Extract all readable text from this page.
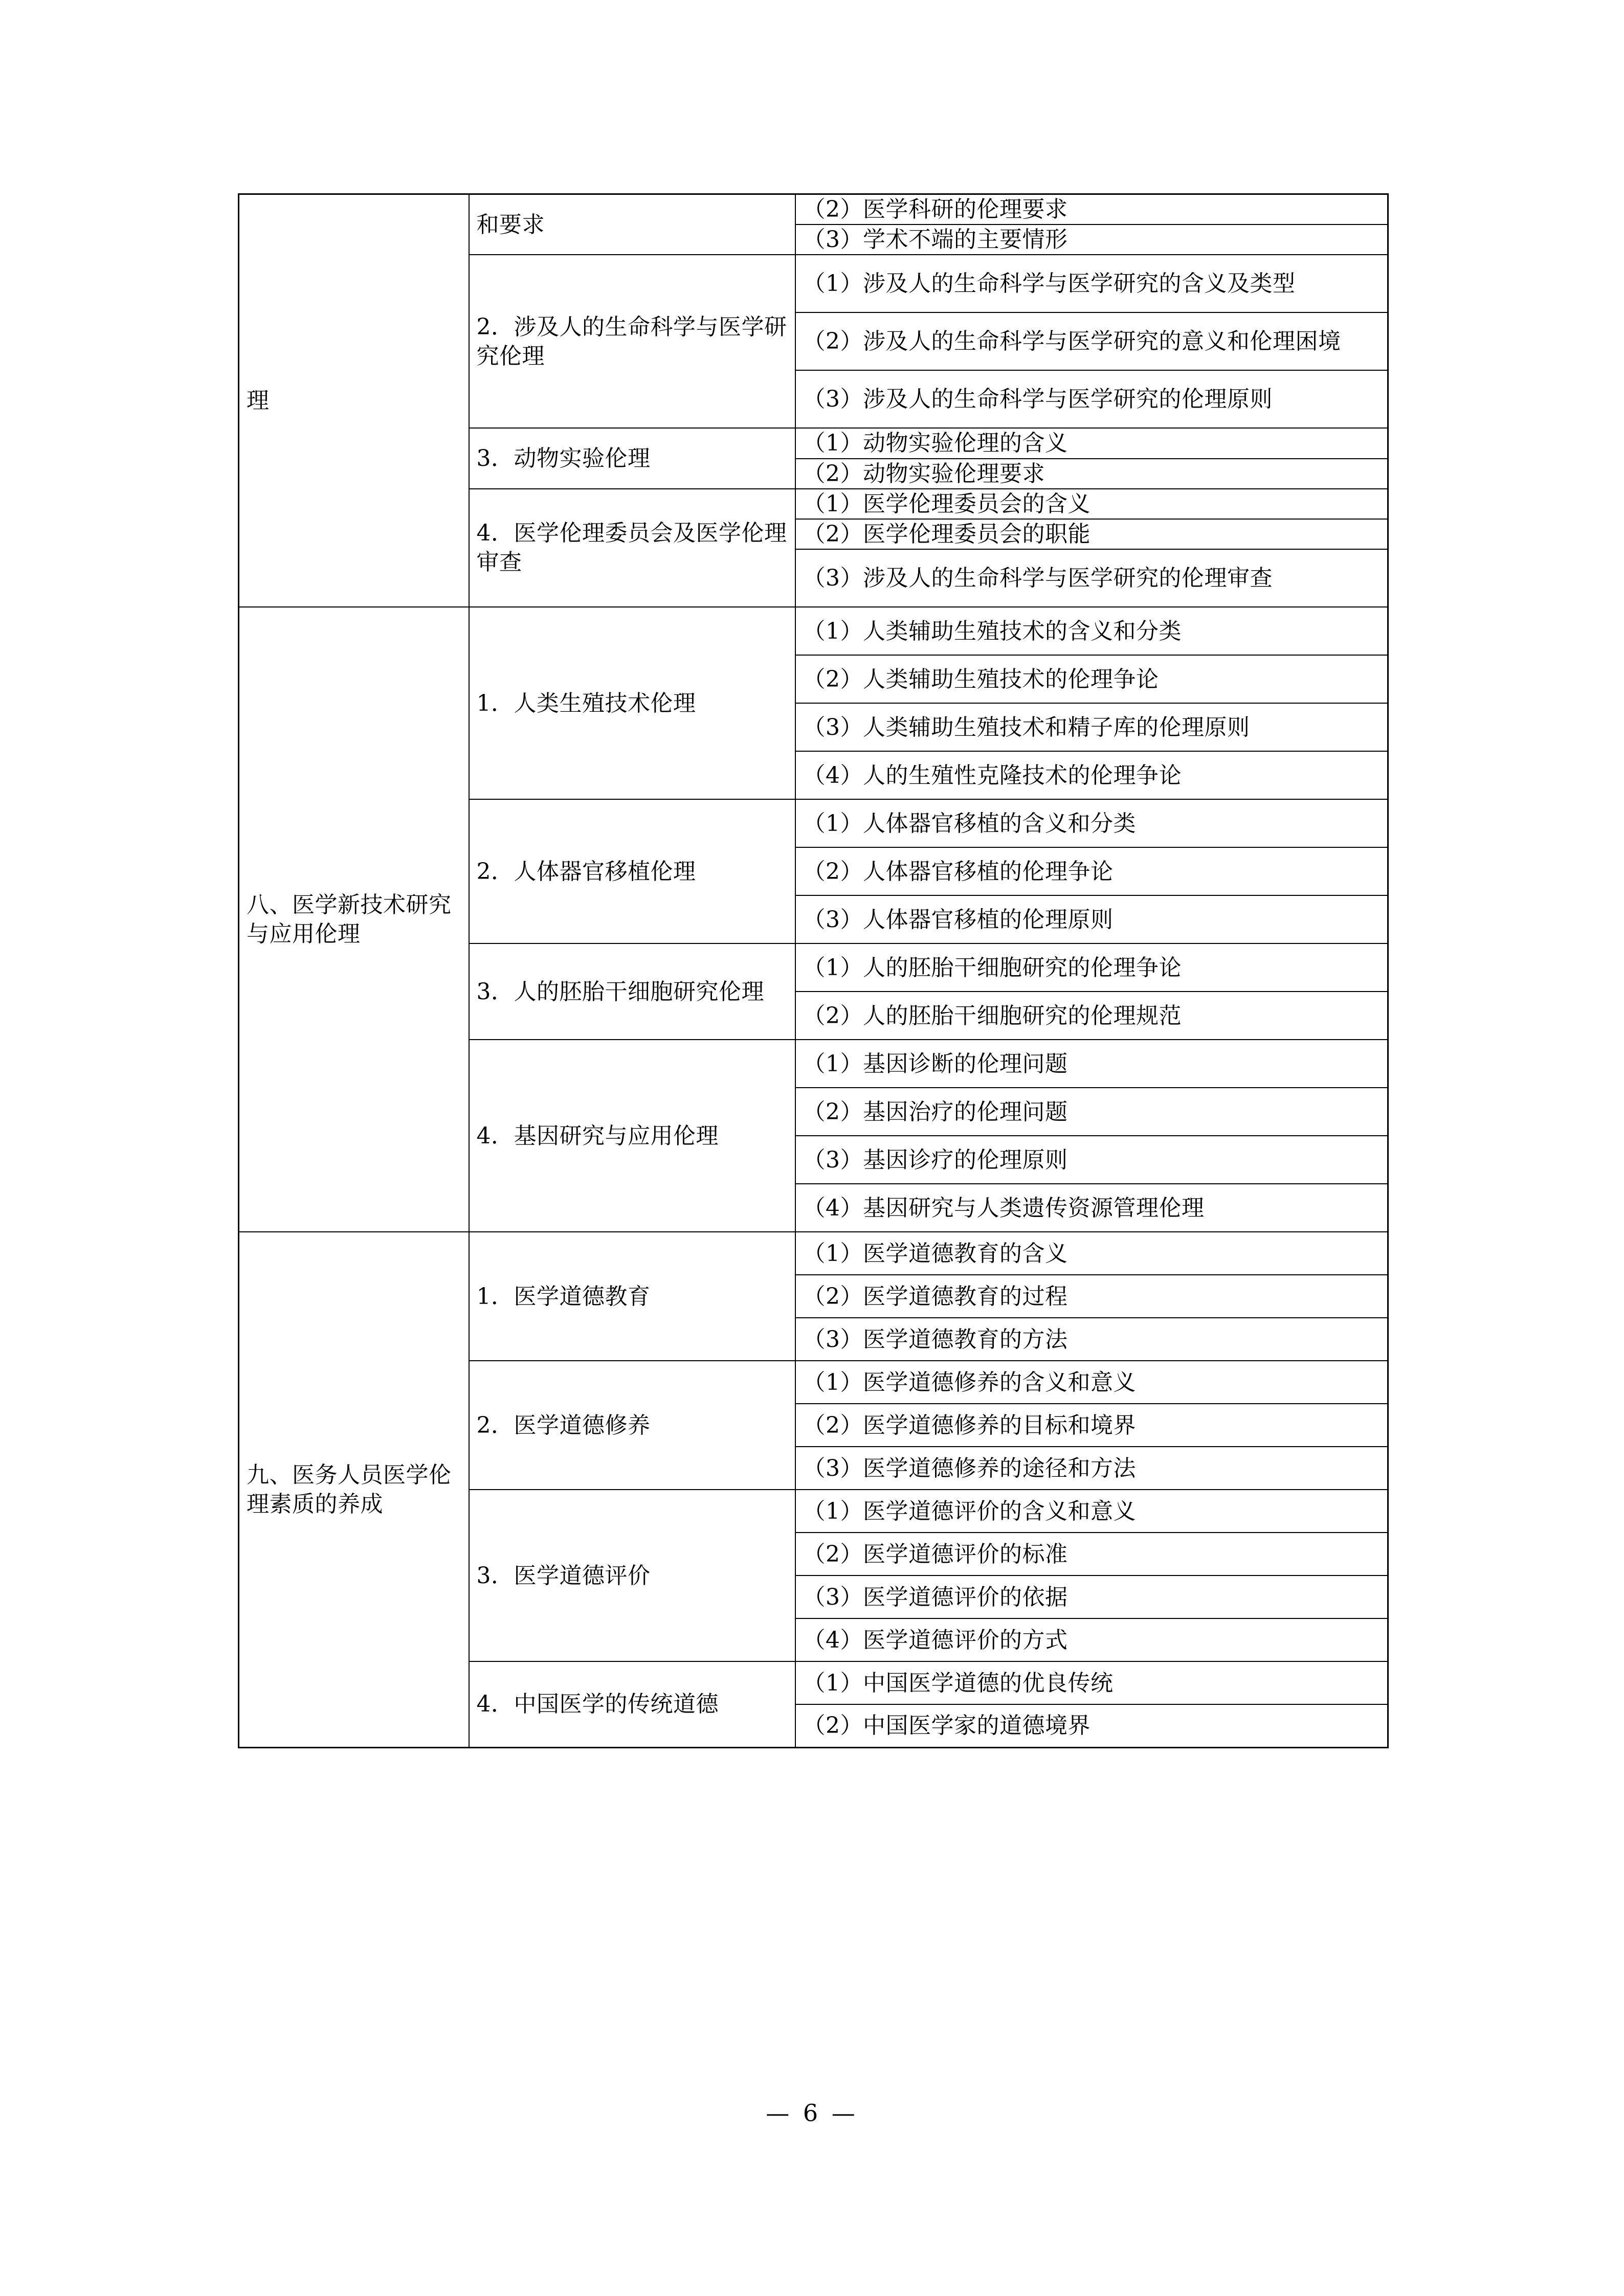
理	和要求	（2）医学科研的伦理要求
		（3）学术不端的主要情形
	2．涉及人的生命科学与医学研究伦理	（1）涉及人的生命科学与医学研究的含义及类型
		（2）涉及人的生命科学与医学研究的意义和伦理困境
		（3）涉及人的生命科学与医学研究的伦理原则
	3．动物实验伦理	（1）动物实验伦理的含义
		（2）动物实验伦理要求
	4．医学伦理委员会及医学伦理审查	（1）医学伦理委员会的含义
		（2）医学伦理委员会的职能
		（3）涉及人的生命科学与医学研究的伦理审查

八、医学新技术研究与应用伦理	1．人类生殖技术伦理	（1）人类辅助生殖技术的含义和分类
		（2）人类辅助生殖技术的伦理争论
		（3）人类辅助生殖技术和精子库的伦理原则
		（4）人的生殖性克隆技术的伦理争论
	2．人体器官移植伦理	（1）人体器官移植的含义和分类
		（2）人体器官移植的伦理争论
		（3）人体器官移植的伦理原则
	3．人的胚胎干细胞研究伦理	（1）人的胚胎干细胞研究的伦理争论
		（2）人的胚胎干细胞研究的伦理规范
	4．基因研究与应用伦理	（1）基因诊断的伦理问题
		（2）基因治疗的伦理问题
		（3）基因诊疗的伦理原则
		（4）基因研究与人类遗传资源管理伦理

九、医务人员医学伦理素质的养成	1．医学道德教育	（1）医学道德教育的含义
		（2）医学道德教育的过程
		（3）医学道德教育的方法
	2．医学道德修养	（1）医学道德修养的含义和意义
		（2）医学道德修养的目标和境界
		（3）医学道德修养的途径和方法
	3．医学道德评价	（1）医学道德评价的含义和意义
		（2）医学道德评价的标准
		（3）医学道德评价的依据
		（4）医学道德评价的方式
	4．中国医学的传统道德	（1）中国医学道德的优良传统
		（2）中国医学家的道德境界
— 6 —
